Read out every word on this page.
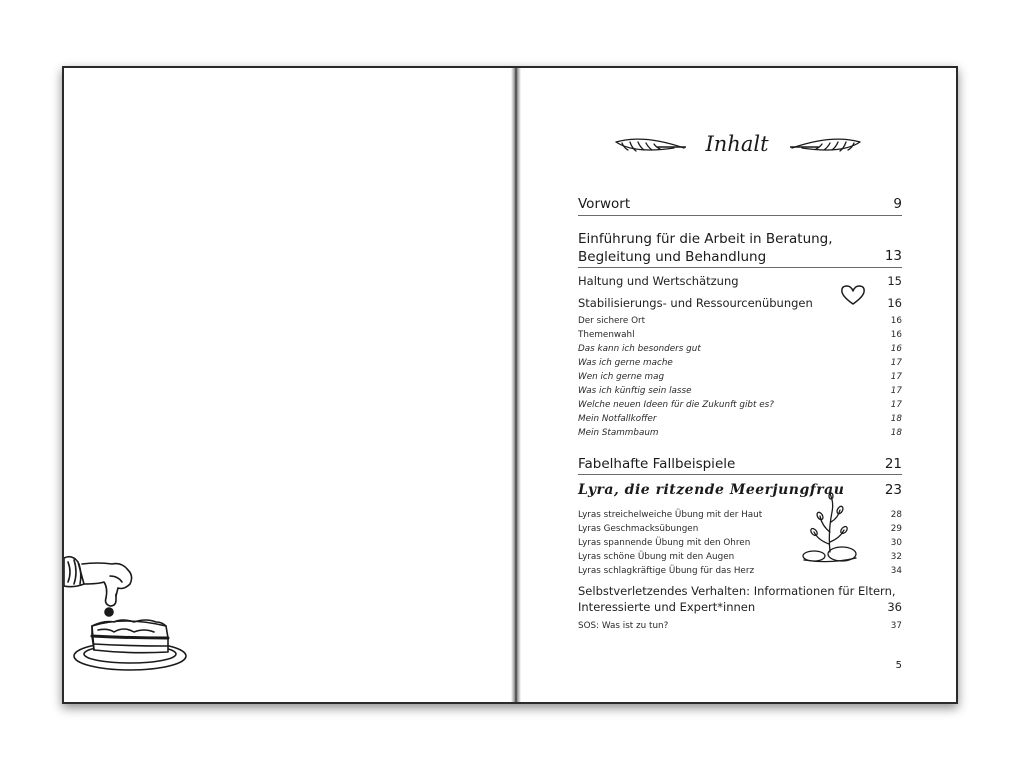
Inhalt
Vorwort	9
Einführung für die Arbeit in Beratung,
Begleitung und Behandlung	13
Haltung und Wertschätzung	15
Stabilisierungs- und Ressourcenübungen	16
Der sichere Ort	16
Themenwahl	16
Das kann ich besonders gut	16
Was ich gerne mache	17
Wen ich gerne mag	17
Was ich künftig sein lasse	17
Welche neuen Ideen für die Zukunft gibt es?	17
Mein Notfallkoffer	18
Mein Stammbaum	18
Fabelhafte Fallbeispiele	21
Lyra, die ritzende Meerjungfrau	23
Lyras streichelweiche Übung mit der Haut	28
Lyras Geschmacksübungen	29
Lyras spannende Übung mit den Ohren	30
Lyras schöne Übung mit den Augen	32
Lyras schlagkräftige Übung für das Herz	34
Selbstverletzendes Verhalten: Informationen für Eltern,
Interessierte und Expert*innen	36
SOS: Was ist zu tun?	37
5
